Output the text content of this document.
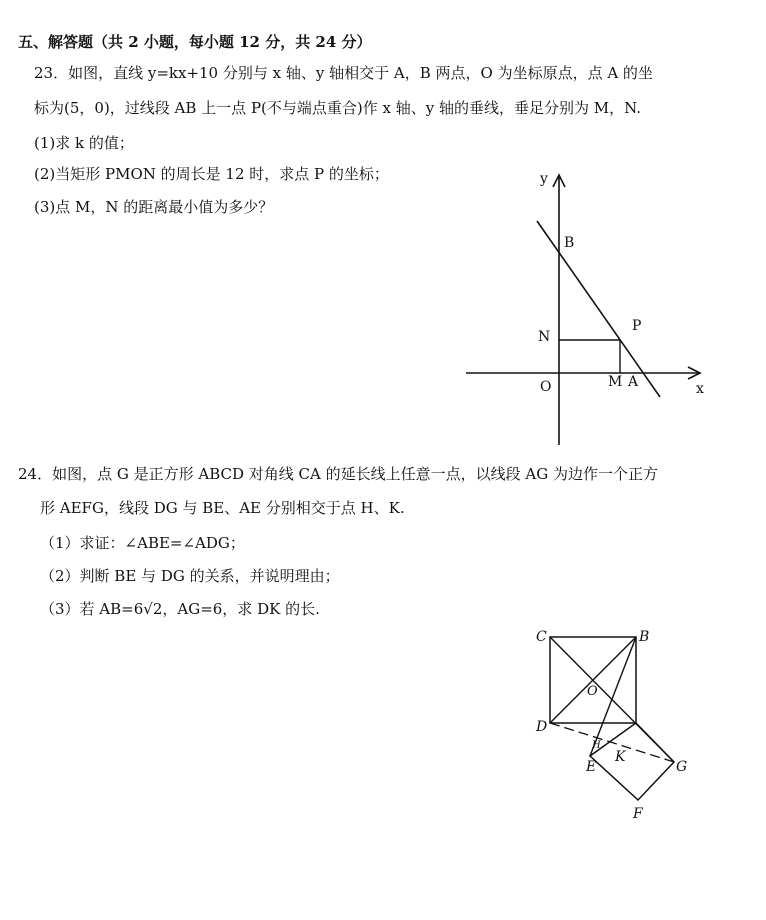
五、解答题（共 2 小题，每小题 12 分，共 24 分）
23．如图，直线 y=kx+10 分别与 x 轴、y 轴相交于 A，B 两点，O 为坐标原点，点 A 的坐
标为(5，0)，过线段 AB 上一点 P(不与端点重合)作 x 轴、y 轴的垂线，垂足分别为 M，N.
(1)求 k 的值；
(2)当矩形 PMON 的周长是 12 时，求点 P 的坐标；
(3)点 M，N 的距离最小值为多少？
y
x
B
N
P
O	M A
24．如图，点 G 是正方形 ABCD 对角线 CA 的延长线上任意一点，以线段 AG 为边作一个正方
形 AEFG，线段 DG 与 BE、AE 分别相交于点 H、K.
（1）求证：∠ABE=∠ADG；
（2）判断 BE 与 DG 的关系，并说明理由；
（3）若 AB=6√2，AG=6，求 DK 的长.
C	B
O
D
H
E
K
G
F
